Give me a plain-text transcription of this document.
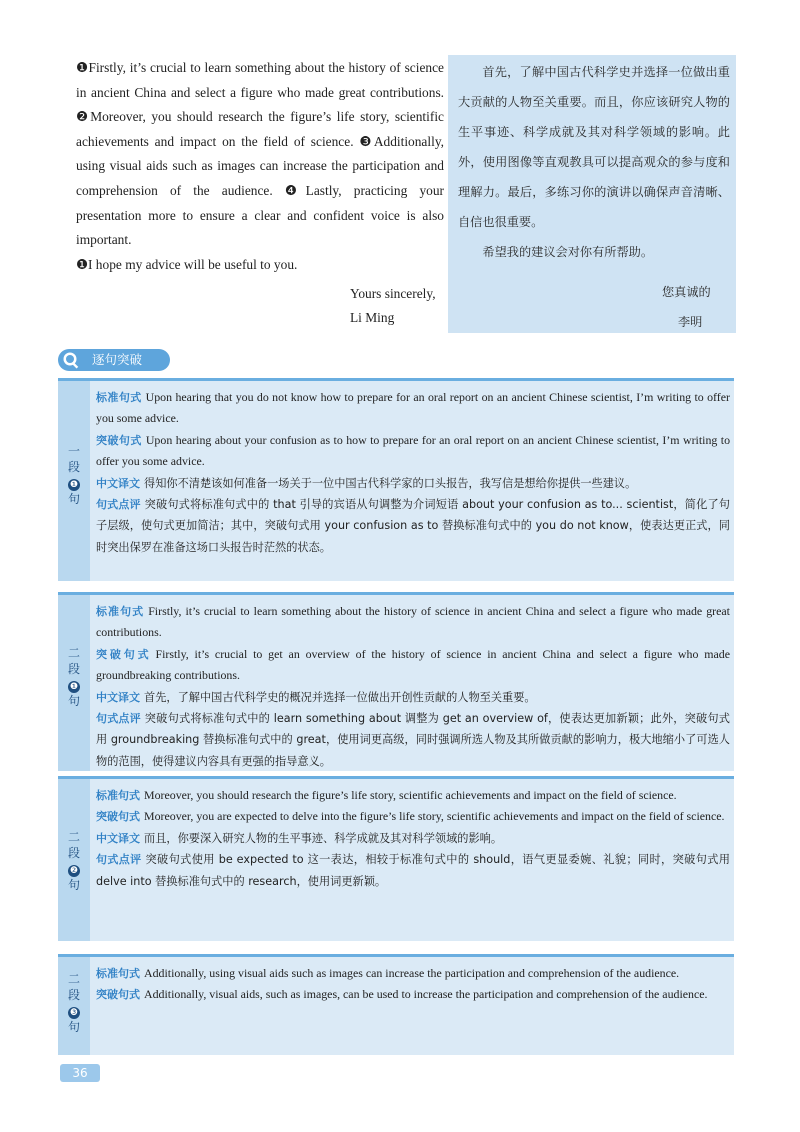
❶Firstly, it’s crucial to learn something about the history of science in ancient China and select a figure who made great contributions. ❷Moreover, you should research the figure’s life story, scientific achievements and impact on the field of science. ❸Additionally, using visual aids such as images can increase the participation and comprehension of the audience. ❹Lastly, practicing your presentation more to ensure a clear and confident voice is also important.

❶I hope my advice will be useful to you.

Yours sincerely,
Li Ming

首先，了解中国古代科学史并选择一位做出重大贡献的人物至关重要。而且，你应该研究人物的生平事迹、科学成就及其对科学领域的影响。此外，使用图像等直观教具可以提高观众的参与度和理解力。最后，多练习你的演讲以确保声音清晰、自信也很重要。

希望我的建议会对你有所帮助。

您真诚的
李明
逐句突破
一段
❶
句
标准句式 Upon hearing that you do not know how to prepare for an oral report on an ancient Chinese scientist, I’m writing to offer you some advice.
突破句式 Upon hearing about your confusion as to how to prepare for an oral report on an ancient Chinese scientist, I’m writing to offer you some advice.
中文译文 得知你不清楚该如何准备一场关于一位中国古代科学家的口头报告，我写信是想给你提供一些建议。
句式点评 突破句式将标准句式中的 that 引导的宾语从句调整为介词短语 about your confusion as to... scientist，简化了句子层级，使句式更加简洁；其中，突破句式用 your confusion as to 替换标准句式中的 you do not know，使表达更正式，同时突出保罗在准备这场口头报告时茫然的状态。
二段
❶
句
标准句式 Firstly, it’s crucial to learn something about the history of science in ancient China and select a figure who made great contributions.
突破句式 Firstly, it’s crucial to get an overview of the history of science in ancient China and select a figure who made groundbreaking contributions.
中文译文 首先，了解中国古代科学史的概况并选择一位做出开创性贡献的人物至关重要。
句式点评 突破句式将标准句式中的 learn something about 调整为 get an overview of，使表达更加新颖；此外，突破句式用 groundbreaking 替换标准句式中的 great，使用词更高级，同时强调所选人物及其所做贡献的影响力，极大地缩小了可选人物的范围，使得建议内容具有更强的指导意义。
二段
❷
句
标准句式 Moreover, you should research the figure’s life story, scientific achievements and impact on the field of science.
突破句式 Moreover, you are expected to delve into the figure’s life story, scientific achievements and impact on the field of science.
中文译文 而且，你要深入研究人物的生平事迹、科学成就及其对科学领域的影响。
句式点评 突破句式使用 be expected to 这一表达，相较于标准句式中的 should，语气更显委婉、礼貌；同时，突破句式用 delve into 替换标准句式中的 research，使用词更新颖。
二段
❸
句
标准句式 Additionally, using visual aids such as images can increase the participation and comprehension of the audience.
突破句式 Additionally, visual aids, such as images, can be used to increase the participation and comprehension of the audience.
36
